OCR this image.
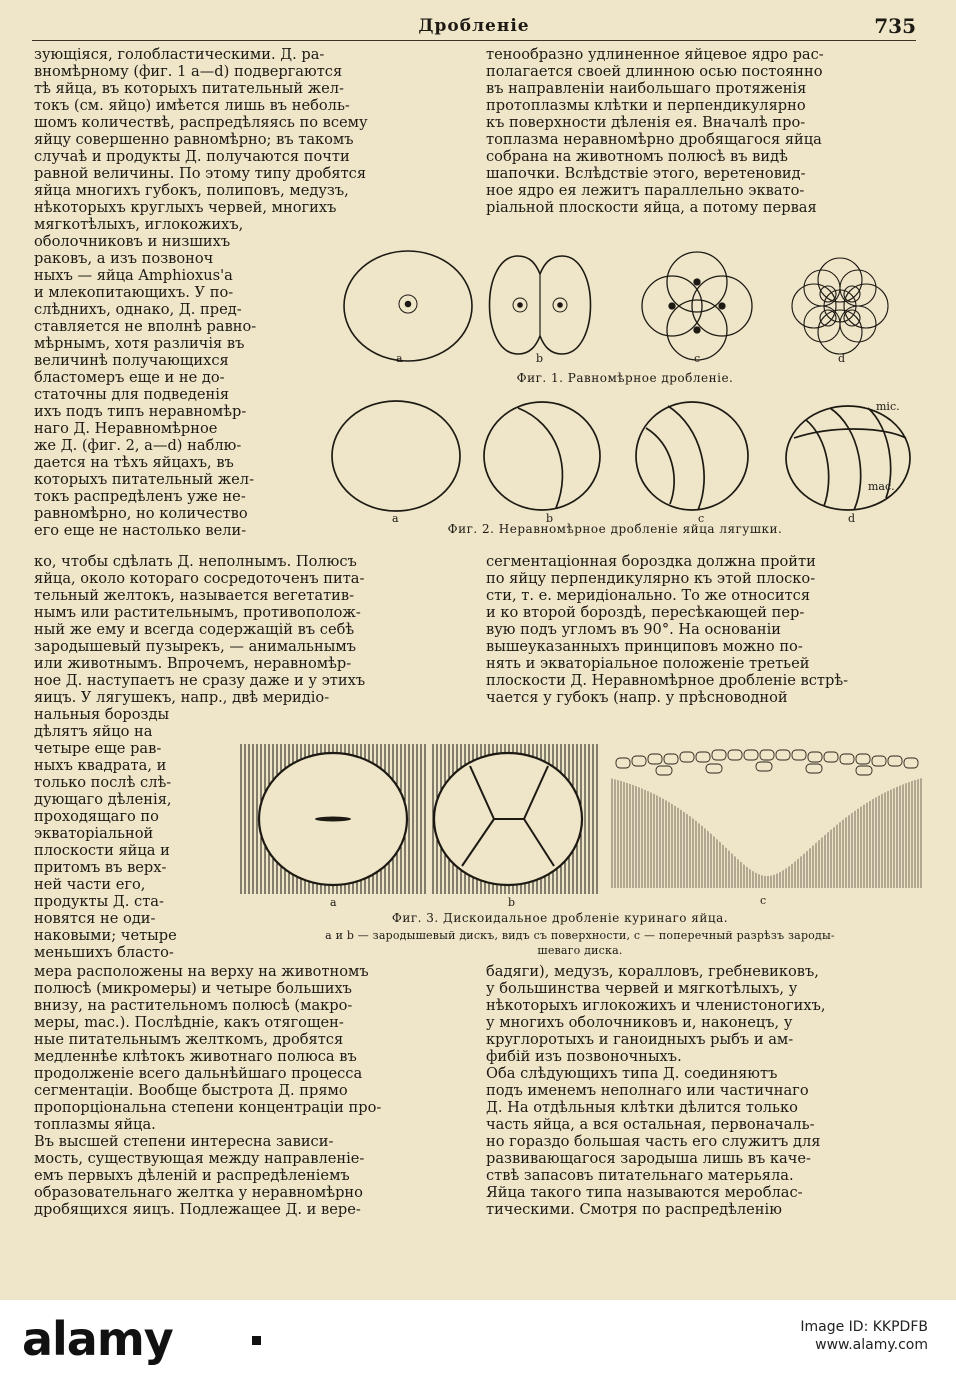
Дробленіе	735
зующіяся, голобластическими. Д. ра-
вномѣрному (фиг. 1 а—d) подвергаются
тѣ яйца, въ которыхъ питательный жел-
токъ (см. яйцо) имѣется лишь въ неболь-
шомъ количествѣ, распредѣляясь по всему
яйцу совершенно равномѣрно; въ такомъ
случаѣ и продукты Д. получаются почти
равной величины. По этому типу дробятся
яйца многихъ губокъ, полиповъ, медузъ,
нѣкоторыхъ круглыхъ червей, многихъ
мягкотѣлыхъ, иглокожихъ,
оболочниковъ и низшихъ
раковъ, а изъ позвоноч
ныхъ — яйца Amphioxus'а
и млекопитающихъ. У по-
слѣднихъ, однако, Д. пред-
ставляется не вполнѣ равно-
мѣрнымъ, хотя различія въ
величинѣ получающихся
бластомеръ еще и не до-
статочны для подведенія
ихъ подъ типъ неравномѣр-
наго Д. Неравномѣрное
же Д. (фиг. 2, а—d) наблю-
дается на тѣхъ яйцахъ, въ
которыхъ питательный жел-
токъ распредѣленъ уже не-
равномѣрно, но количество
его еще не настолько вели-
тенообразно удлиненное яйцевое ядро рас-
полагается своей длинною осью постоянно
въ направленіи наибольшаго протяженія
протоплазмы клѣтки и перпендикулярно
къ поверхности дѣленія ея. Вначалѣ про-
топлазма неравномѣрно дробящагося яйца
собрана на животномъ полюсѣ въ видѣ
шапочки. Вслѣдствіе этого, веретеновид-
ное ядро ея лежитъ параллельно эквато-
ріальной плоскости яйца, а потому первая
ко, чтобы сдѣлать Д. неполнымъ. Полюсъ
яйца, около котораго сосредоточенъ пита-
тельный желтокъ, называется вегетатив-
нымъ или растительнымъ, противополож-
ный же ему и всегда содержащій въ себѣ
зародышевый пузырекъ, — анимальнымъ
или животнымъ. Впрочемъ, неравномѣр-
ное Д. наступаетъ не сразу даже и у этихъ
яицъ. У лягушекъ, напр., двѣ меридіо-
сегментаціонная бороздка должна пройти
по яйцу перпендикулярно къ этой плоско-
сти, т. е. меридіонально. То же относится
и ко второй бороздѣ, пересѣкающей пер-
вую подъ угломъ въ 90°. На основаніи
вышеуказанныхъ принциповъ можно по-
нять и экваторіальное положеніе третьей
плоскости Д. Неравномѣрное дробленіе встрѣ-
чается у губокъ (напр. у прѣсноводной
нальныя борозды
дѣлятъ яйцо на
четыре еще рав-
ныхъ квадрата, и
только послѣ слѣ-
дующаго дѣленія,
проходящаго по
экваторіальной
плоскости яйца и
притомъ въ верх-
ней части его,
продукты Д. ста-
новятся не оди-
наковыми; четыре
меньшихъ бласто-
мера расположены на верху на животномъ
полюсѣ (микромеры) и четыре большихъ
внизу, на растительномъ полюсѣ (макро-
меры, mac.). Послѣдніе, какъ отягощен-
ные питательнымъ желткомъ, дробятся
медленнѣе клѣтокъ животнаго полюса въ
продолженіе всего дальнѣйшаго процесса
сегментаціи. Вообще быстрота Д. прямо
пропорціональна степени концентраціи про-
топлазмы яйца.
Въ высшей степени интересна зависи-
мость, существующая между направленіе-
емъ первыхъ дѣленій и распредѣленіемъ
образовательнаго желтка у неравномѣрно
дробящихся яицъ. Подлежащее Д. и вере-
бадяги), медузъ, коралловъ, гребневиковъ,
у большинства червей и мягкотѣлыхъ, у
нѣкоторыхъ иглокожихъ и членистоногихъ,
у многихъ оболочниковъ и, наконецъ, у
круглоротыхъ и ганоидныхъ рыбъ и ам-
фибій изъ позвоночныхъ.
Оба слѣдующихъ типа Д. соединяютъ
подъ именемъ неполнаго или частичнаго
Д. На отдѣльныя клѣтки дѣлится только
часть яйца, а вся остальная, первоначаль-
но гораздо большая часть его служитъ для
развивающагося зародыша лишь въ каче-
ствѣ запасовъ питательнаго матерьяла.
Яйца такого типа называются мероблас-
тическими. Смотря по распредѣленію
a	b	c	d
Фиг. 1. Равномѣрное дробленіе.
a	b	c	d
mic.
mac.
Фиг. 2. Неравномѣрное дробленіе яйца лягушки.
a	b	c
Фиг. 3. Дискоидальное дробленіе куринаго яйца.
а и b — зародышевый дискъ, видъ съ поверхности, с — поперечный разрѣзъ зароды-
шеваго диска.
alamy	Image ID: KKPDFB
www.alamy.com
